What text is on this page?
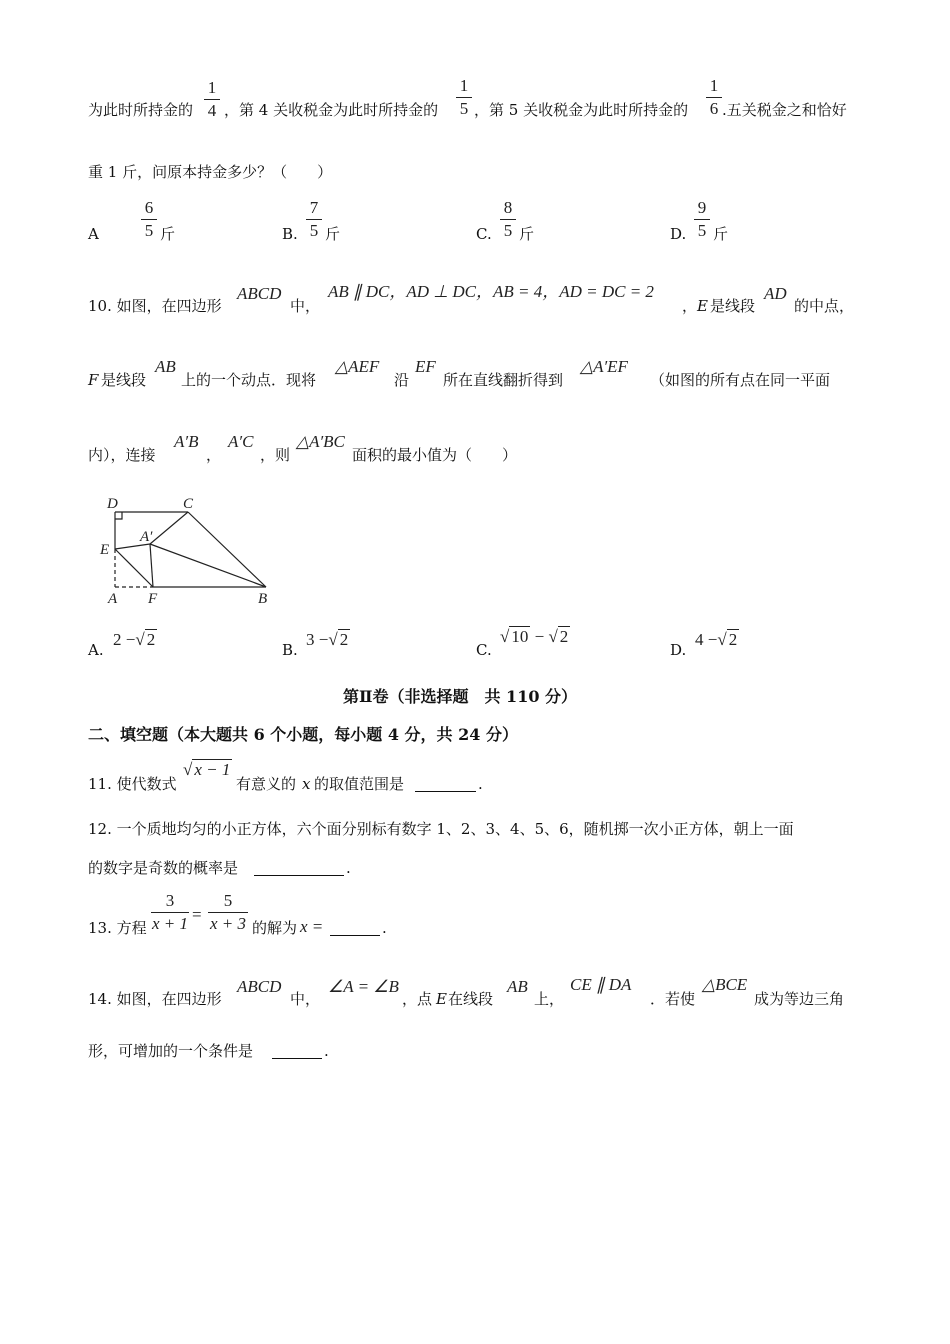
为此时所持金的
1
4 ，第 4 关收税金为此时所持金的
1
5 ，第 5 关收税金为此时所持金的
1
6 .五关税金之和恰好
重 1 斤，问原本持金多少？（　　）
A
6
5 斤	B.
7
5 斤	C.
8
5 斤	D.
9
5 斤
10. 如图，在四边形
ABCD
中，
AB ∥ DC，AD ⊥ DC，AB = 4，AD = DC = 2
， E 是线段
AD
的中点，
F 是线段
AB
上的一个动点．现将
△AEF
沿
EF
所在直线翻折得到
△A′EF
（如图的所有点在同一平面
内），连接
A′B
，
A′C
，则
△A′BC
面积的最小值为（　　）
D	C
A′
E
A F	B
A.
2 −√ 2
B.
3 −√ 2
C.
√ 10 − √ 2
D.
4 −√ 2
第Ⅱ卷（非选择题　共 110 分）
二、填空题（本大题共 6 个小题，每小题 4 分，共 24 分）
11. 使代数式
√ x − 1
有意义的 x 的取值范围是	.
12. 一个质地均匀的小正方体，六个面分别标有数字 1、2、3、4、5、6，随机掷一次小正方体，朝上一面
的数字是奇数的概率是	.
13. 方程
3
x + 1 =
5
x + 3 的解为 x =	.
14. 如图，在四边形
ABCD
中，
∠A = ∠B
，点 E 在线段
AB
上，
CE ∥ DA
．若使
△BCE
成为等边三角
形，可增加的一个条件是	.
